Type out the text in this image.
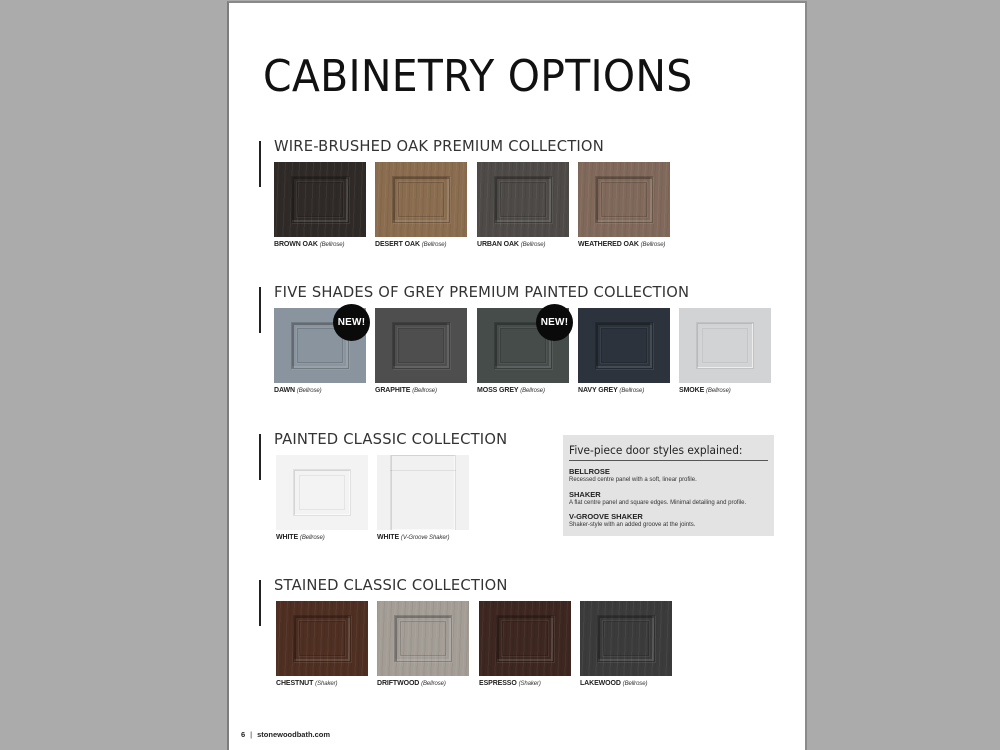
CABINETRY OPTIONS
WIRE-BRUSHED OAK PREMIUM COLLECTION
BROWN OAK (Bellrose)	DESERT OAK (Bellrose)	URBAN OAK (Bellrose)	WEATHERED OAK (Bellrose)
FIVE SHADES OF GREY PREMIUM PAINTED COLLECTION
NEW!
DAWN (Bellrose)	GRAPHITE (Bellrose)
NEW!
MOSS GREY (Bellrose)	NAVY GREY (Bellrose)	SMOKE (Bellrose)
PAINTED CLASSIC COLLECTION
WHITE (Bellrose)	WHITE (V-Groove Shaker)
Five-piece door styles explained:
BELLROSE
Recessed centre panel with a soft, linear profile.
SHAKER
A flat centre panel and square edges. Minimal detailing and profile.
V-GROOVE SHAKER
Shaker-style with an added groove at the joints.
STAINED CLASSIC COLLECTION
CHESTNUT (Shaker)	DRIFTWOOD (Bellrose)	ESPRESSO (Shaker)	LAKEWOOD (Bellrose)
6 | stonewoodbath.com
